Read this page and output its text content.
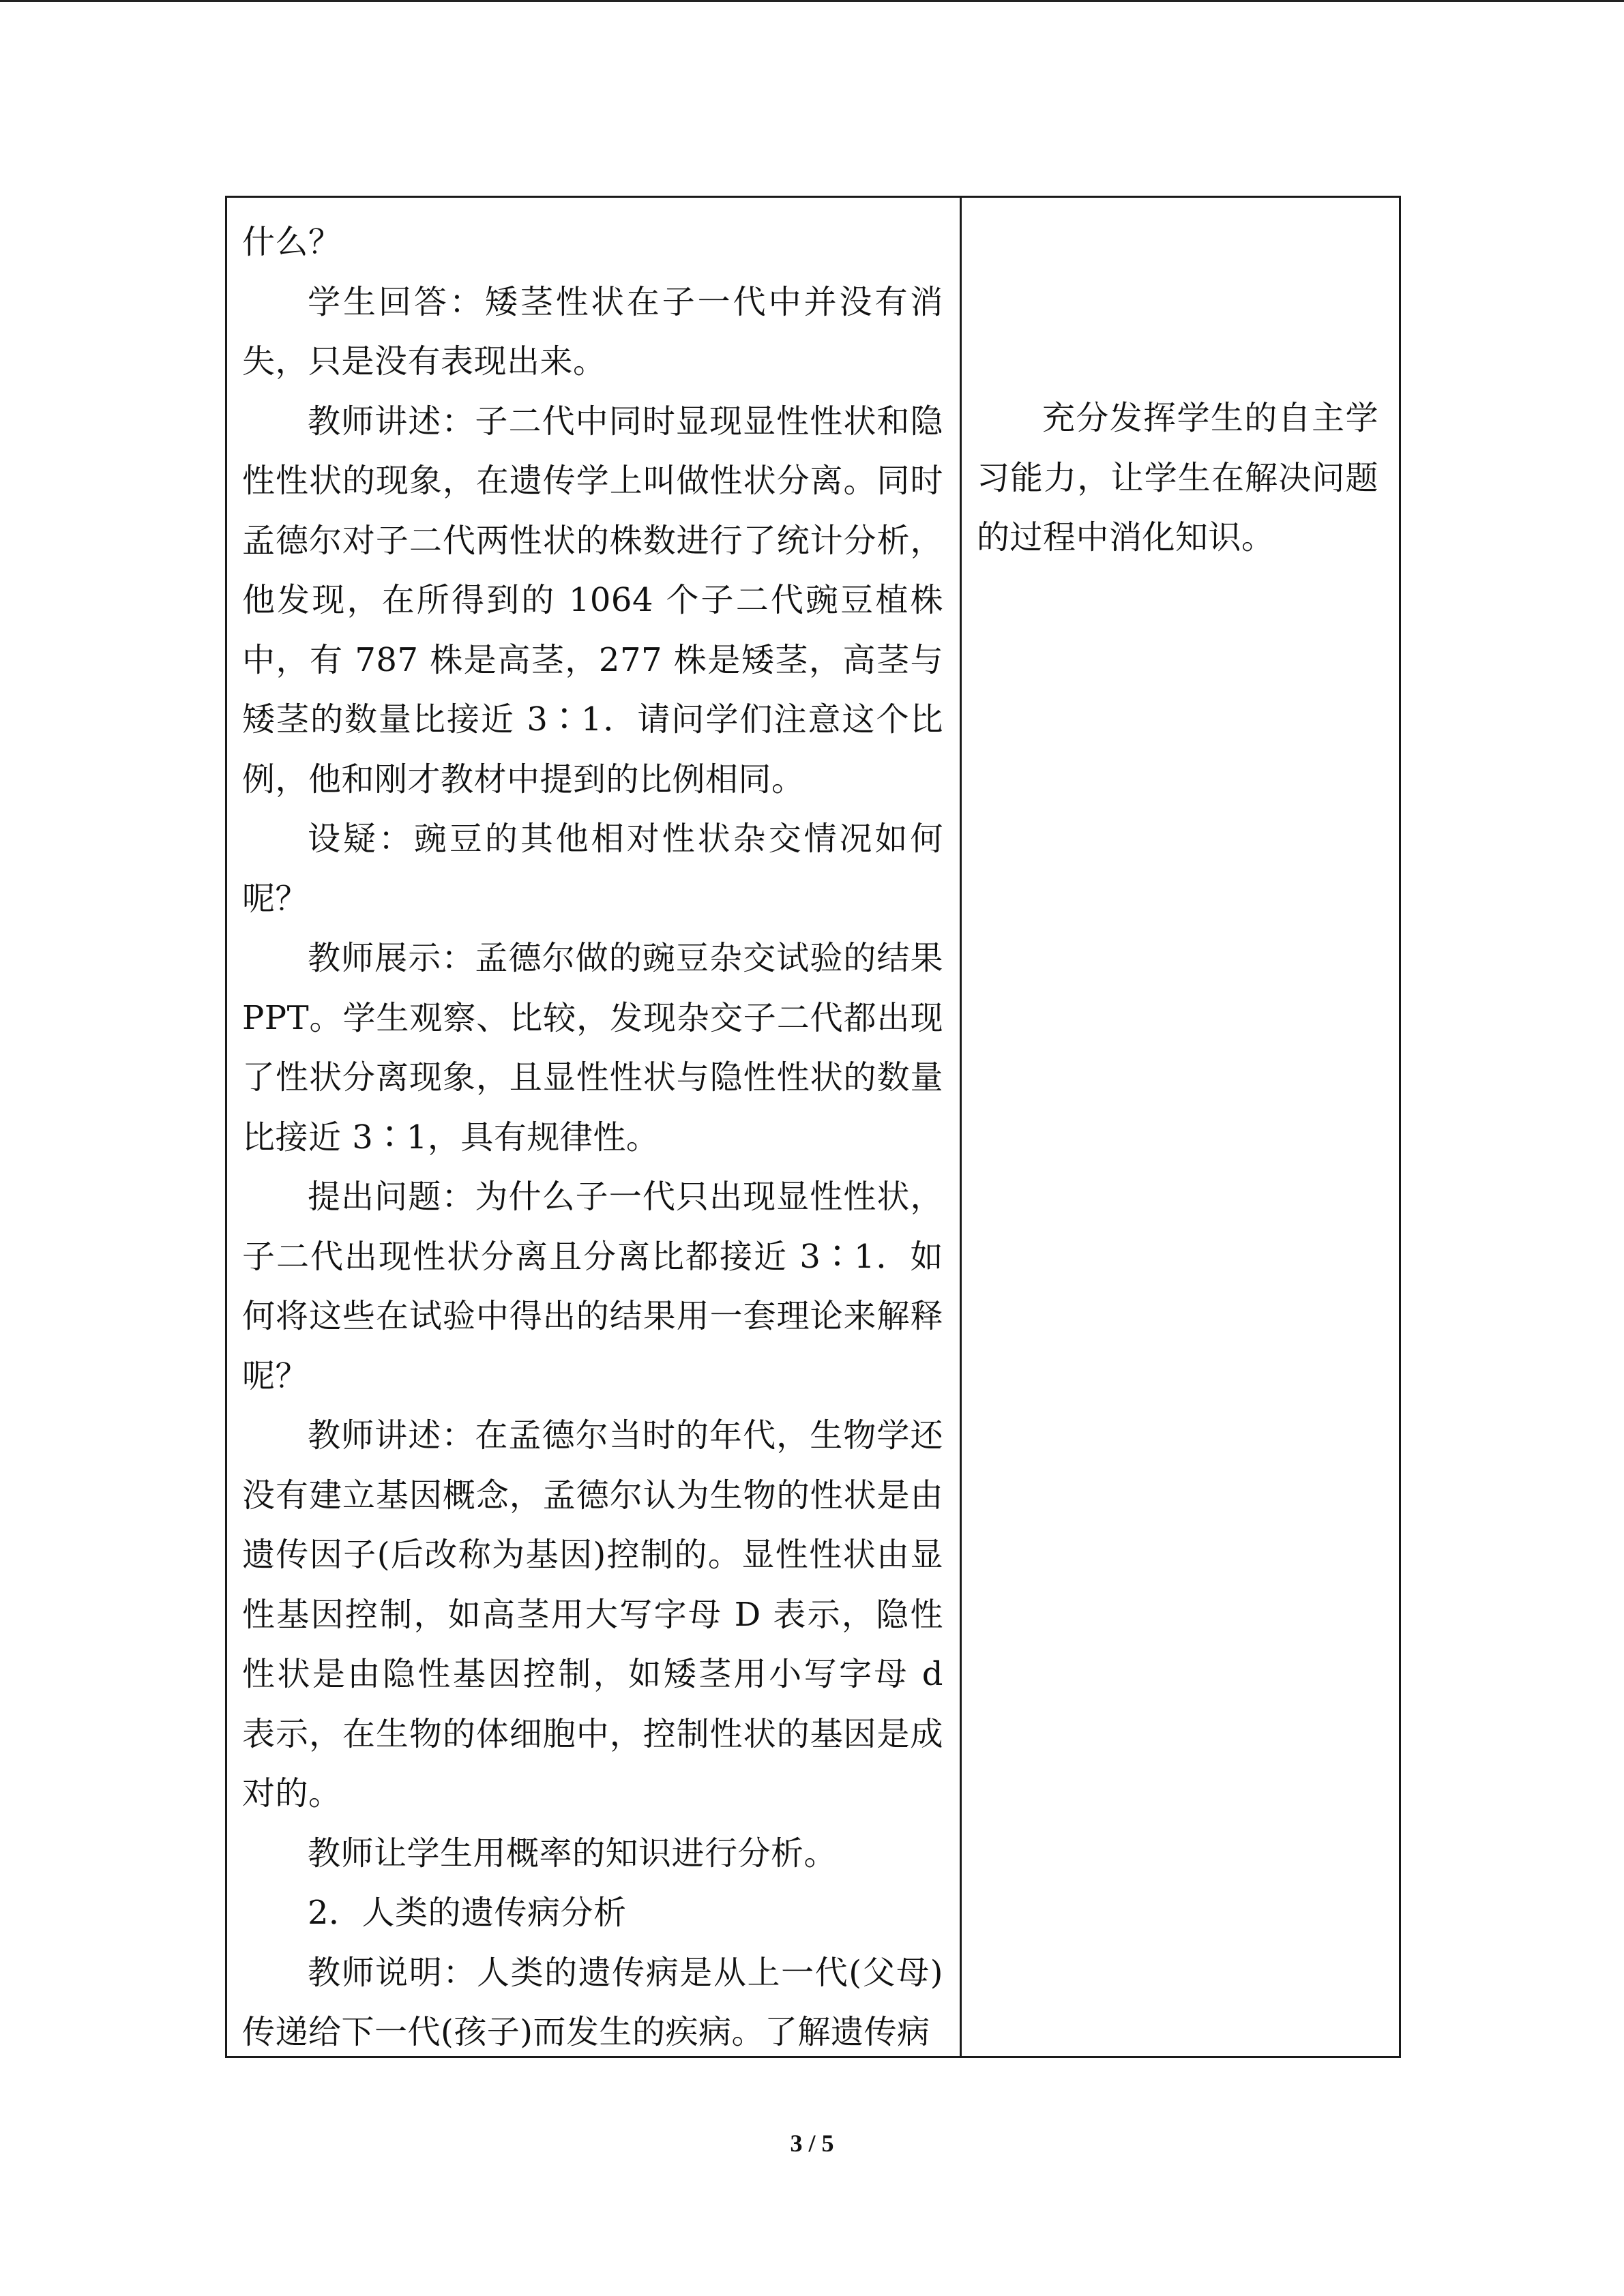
什么？

学生回答：矮茎性状在子一代中并没有消失，只是没有表现出来。

教师讲述：子二代中同时显现显性性状和隐性性状的现象，在遗传学上叫做性状分离。同时孟德尔对子二代两性状的株数进行了统计分析，他发现，在所得到的 1064 个子二代豌豆植株中，有 787 株是高茎，277 株是矮茎，高茎与矮茎的数量比接近 3∶1．请问学们注意这个比例，他和刚才教材中提到的比例相同。

设疑：豌豆的其他相对性状杂交情况如何呢？

教师展示：孟德尔做的豌豆杂交试验的结果 PPT。学生观察、比较，发现杂交子二代都出现了性状分离现象，且显性性状与隐性性状的数量比接近 3∶1，具有规律性。

提出问题：为什么子一代只出现显性性状，子二代出现性状分离且分离比都接近 3∶1．如何将这些在试验中得出的结果用一套理论来解释呢？

教师讲述：在孟德尔当时的年代，生物学还没有建立基因概念，孟德尔认为生物的性状是由遗传因子(后改称为基因)控制的。显性性状由显性基因控制，如高茎用大写字母 D 表示，隐性性状是由隐性基因控制，如矮茎用小写字母 d 表示，在生物的体细胞中，控制性状的基因是成对的。

教师让学生用概率的知识进行分析。

2．人类的遗传病分析

教师说明：人类的遗传病是从上一代(父母)传递给下一代(孩子)而发生的疾病。了解遗传病

充分发挥学生的自主学习能力，让学生在解决问题的过程中消化知识。

3 / 5
